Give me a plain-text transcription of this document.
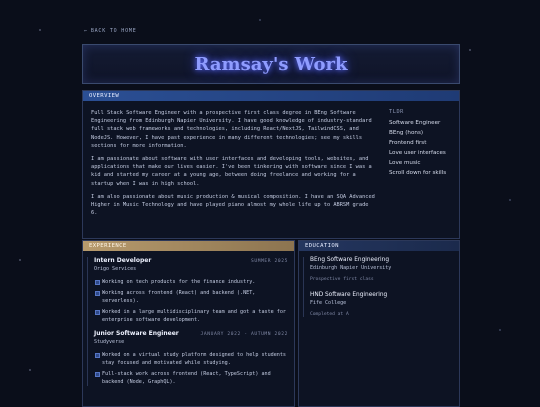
← BACK TO HOME
Ramsay's Work
OVERVIEW

Full Stack Software Engineer with a prospective first class degree in BEng Software Engineering from Edinburgh Napier University. I have good knowledge of industry-standard full stack web frameworks and technologies, including React/NextJS, TailwindCSS, and NodeJS. However, I have past experience in many different technologies; see my skills sections for more information.

I am passionate about software with user interfaces and developing tools, websites, and applications that make our lives easier. I've been tinkering with software since I was a kid and started my career at a young age, between doing freelance and working for a startup when I was in high school.

I am also passionate about music production & musical composition. I have an SQA Advanced Higher in Music Technology and have played piano almost my whole life up to ABRSM grade 6.

TLDR
Software Engineer
BEng (hons)
Frontend first
Love user interfaces
Love music
Scroll down for skills
EXPERIENCE
Intern Developer	SUMMER 2025
Origo Services
Working on tech products for the finance industry.
Working across frontend (React) and backend (.NET, serverless).
Worked in a large multidisciplinary team and got a taste for enterprise software development.
Junior Software Engineer	JANUARY 2022 - AUTUMN 2022
Studyverse
Worked on a virtual study platform designed to help students stay focused and motivated while studying.
Full-stack work across frontend (React, TypeScript) and backend (Node, GraphQL).
EDUCATION
BEng Software Engineering
Edinburgh Napier University
Prospective first class
HND Software Engineering
Fife College
Completed at A
